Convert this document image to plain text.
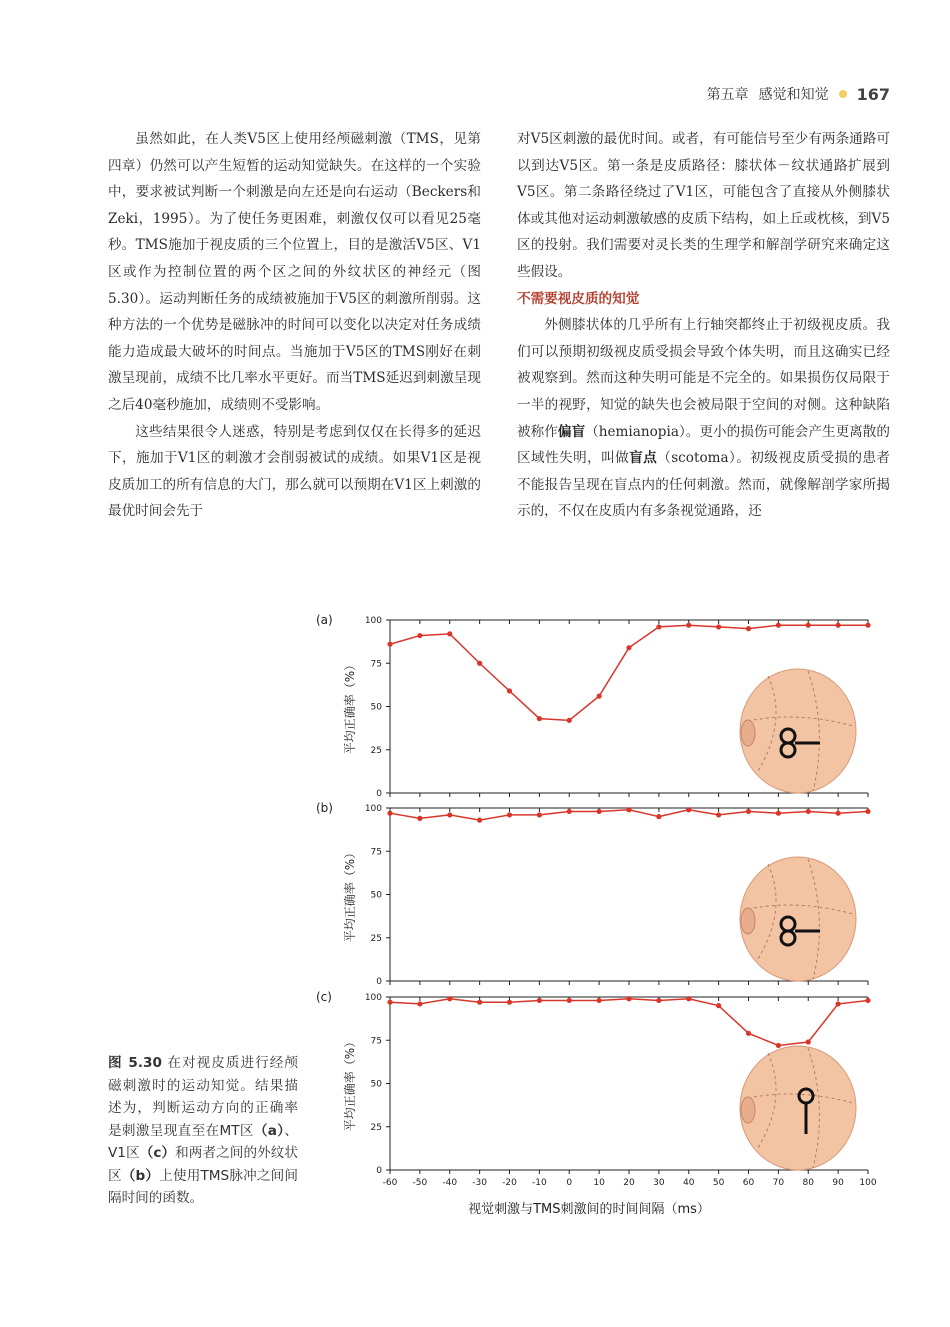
第五章 感觉和知觉 167

虽然如此，在人类V5区上使用经颅磁刺激（TMS，见第四章）仍然可以产生短暂的运动知觉缺失。在这样的一个实验中，要求被试判断一个刺激是向左还是向右运动（Beckers和Zeki，1995）。为了使任务更困难，刺激仅仅可以看见25毫秒。TMS施加于视皮质的三个位置上，目的是激活V5区、V1区或作为控制位置的两个区之间的外纹状区的神经元（图5.30）。运动判断任务的成绩被施加于V5区的刺激所削弱。这种方法的一个优势是磁脉冲的时间可以变化以决定对任务成绩能力造成最大破坏的时间点。当施加于V5区的TMS刚好在刺激呈现前，成绩不比几率水平更好。而当TMS延迟到刺激呈现之后40毫秒施加，成绩则不受影响。

这些结果很令人迷惑，特别是考虑到仅仅在长得多的延迟下，施加于V1区的刺激才会削弱被试的成绩。如果V1区是视皮质加工的所有信息的大门，那么就可以预期在V1区上刺激的最优时间会先于

对V5区刺激的最优时间。或者，有可能信号至少有两条通路可以到达V5区。第一条是皮质路径：膝状体－纹状通路扩展到V5区。第二条路径绕过了V1区，可能包含了直接从外侧膝状体或其他对运动刺激敏感的皮质下结构，如上丘或枕核，到V5区的投射。我们需要对灵长类的生理学和解剖学研究来确定这些假设。

不需要视皮质的知觉

外侧膝状体的几乎所有上行轴突都终止于初级视皮质。我们可以预期初级视皮质受损会导致个体失明，而且这确实已经被观察到。然而这种失明可能是不完全的。如果损伤仅局限于一半的视野，知觉的缺失也会被局限于空间的对侧。这种缺陷被称作偏盲（hemianopia）。更小的损伤可能会产生更离散的区域性失明，叫做盲点（scotoma）。初级视皮质受损的患者不能报告呈现在盲点内的任何刺激。然而，就像解剖学家所揭示的，不仅在皮质内有多条视觉通路，还

图 5.30 在对视皮质进行经颅磁刺激时的运动知觉。结果描述为，判断运动方向的正确率是刺激呈现直至在MT区（a）、V1区（c）和两者之间的外纹状区（b）上使用TMS脉冲之间间隔时间的函数。
(a)
0
25
50
75
100
平均正确率（%）
(b)
0
25
50
75
100
平均正确率（%）
(c)
0
25
50
75
100
平均正确率（%）
-60 -50 -40 -30 -20 -10 0 10 20 30 40 50 60 70 80 90 100
视觉刺激与TMS刺激间的时间间隔（ms）
